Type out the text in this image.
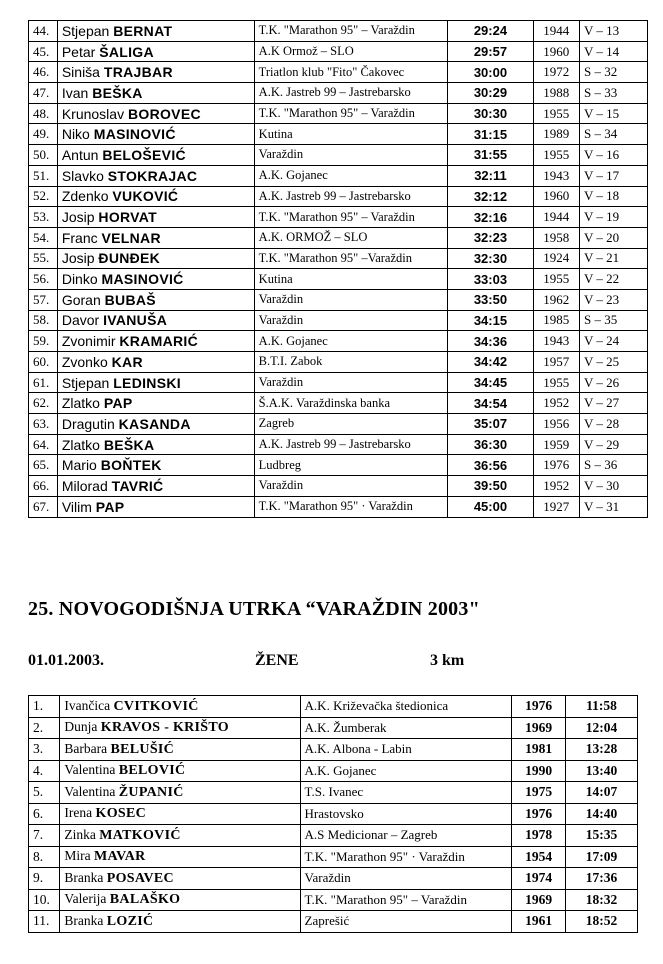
44.	Stjepan BERNAT	T.K. "Marathon 95" – Varaždin	29:24	1944	V – 13
45.	Petar ŠALIGA	A.K Ormož – SLO	29:57	1960	V – 14
46.	Siniša TRAJBAR	Triatlon klub "Fito" Čakovec	30:00	1972	S – 32
47.	Ivan BEŠKA	A.K. Jastreb 99 – Jastrebarsko	30:29	1988	S – 33
48.	Krunoslav BOROVEC	T.K. "Marathon 95" – Varaždin	30:30	1955	V – 15
49.	Niko MASINOVIĆ	Kutina	31:15	1989	S – 34
50.	Antun BELOŠEVIĆ	Varaždin	31:55	1955	V – 16
51.	Slavko STOKRAJAC	A.K. Gojanec	32:11	1943	V – 17
52.	Zdenko VUKOVIĆ	A.K. Jastreb 99 – Jastrebarsko	32:12	1960	V – 18
53.	Josip HORVAT	T.K. "Marathon 95" – Varaždin	32:16	1944	V – 19
54.	Franc VELNAR	A.K. ORMOŽ – SLO	32:23	1958	V – 20
55.	Josip ĐUNĐEK	T.K. "Marathon 95" –Varaždin	32:30	1924	V – 21
56.	Dinko MASINOVIĆ	Kutina	33:03	1955	V – 22
57.	Goran BUBAŠ	Varaždin	33:50	1962	V – 23
58.	Davor IVANUŠA	Varaždin	34:15	1985	S – 35
59.	Zvonimir KRAMARIĆ	A.K. Gojanec	34:36	1943	V – 24
60.	Zvonko KAR	B.T.I. Zabok	34:42	1957	V – 25
61.	Stjepan LEDINSKI	Varaždin	34:45	1955	V – 26
62.	Zlatko PAP	Š.A.K. Varaždinska banka	34:54	1952	V – 27
63.	Dragutin KASANDA	Zagreb	35:07	1956	V – 28
64.	Zlatko BEŠKA	A.K. Jastreb 99 – Jastrebarsko	36:30	1959	V – 29
65.	Mario BOŇTEK	Ludbreg	36:56	1976	S – 36
66.	Milorad TAVRIĆ	Varaždin	39:50	1952	V – 30
67.	Vilim PAP	T.K. "Marathon 95" · Varaždin	45:00	1927	V – 31
25. NOVOGODIŠNJA UTRKA “VARAŽDIN 2003"
01.01.2003.	ŽENE	3 km
1.	Ivančica CVITKOVIĆ	A.K. Križevačka štedionica	1976	11:58
2.	Dunja KRAVOS - KRIŠTO	A.K. Žumberak	1969	12:04
3.	Barbara BELUŠIĆ	A.K. Albona - Labin	1981	13:28
4.	Valentina BELOVIĆ	A.K. Gojanec	1990	13:40
5.	Valentina ŽUPANIĆ	T.S. Ivanec	1975	14:07
6.	Irena KOSEC	Hrastovsko	1976	14:40
7.	Zinka MATKOVIĆ	A.S Medicionar – Zagreb	1978	15:35
8.	Mira MAVAR	T.K. "Marathon 95" · Varaždin	1954	17:09
9.	Branka POSAVEC	Varaždin	1974	17:36
10.	Valerija BALAŠKO	T.K. "Marathon 95" – Varaždin	1969	18:32
11.	Branka LOZIĆ	Zaprešić	1961	18:52
